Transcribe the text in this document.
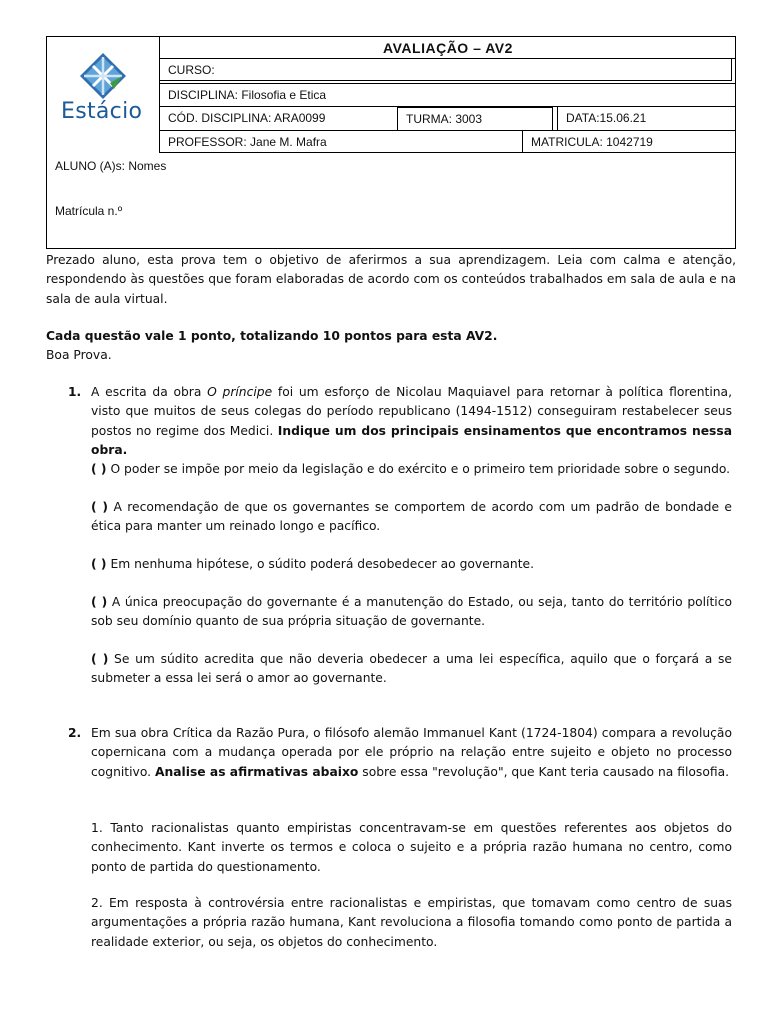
Estácio
AVALIAÇÃO – AV2
CURSO:
DISCIPLINA: Filosofia e Etica
CÓD. DISCIPLINA: ARA0099	TURMA: 3003	DATA:15.06.21
PROFESSOR: Jane M. Mafra	MATRICULA: 1042719
ALUNO (A)s: Nomes
Matrícula n.º
Prezado aluno, esta prova tem o objetivo de aferirmos a sua aprendizagem. Leia com calma e atenção, respondendo às questões que foram elaboradas de acordo com os conteúdos trabalhados em sala de aula e na sala de aula virtual.
Cada questão vale 1 ponto, totalizando 10 pontos para esta AV2.
Boa Prova.
1. A escrita da obra O príncipe foi um esforço de Nicolau Maquiavel para retornar à política florentina, visto que muitos de seus colegas do período republicano (1494-1512) conseguiram restabelecer seus postos no regime dos Medici. Indique um dos principais ensinamentos que encontramos nessa obra.
( ) O poder se impõe por meio da legislação e do exército e o primeiro tem prioridade sobre o segundo.
( ) A recomendação de que os governantes se comportem de acordo com um padrão de bondade e ética para manter um reinado longo e pacífico.
( ) Em nenhuma hipótese, o súdito poderá desobedecer ao governante.
( ) A única preocupação do governante é a manutenção do Estado, ou seja, tanto do território político sob seu domínio quanto de sua própria situação de governante.
( ) Se um súdito acredita que não deveria obedecer a uma lei específica, aquilo que o forçará a se submeter a essa lei será o amor ao governante.
2. Em sua obra Crítica da Razão Pura, o filósofo alemão Immanuel Kant (1724-1804) compara a revolução copernicana com a mudança operada por ele próprio na relação entre sujeito e objeto no processo cognitivo. Analise as afirmativas abaixo sobre essa "revolução", que Kant teria causado na filosofia.
1. Tanto racionalistas quanto empiristas concentravam-se em questões referentes aos objetos do conhecimento. Kant inverte os termos e coloca o sujeito e a própria razão humana no centro, como ponto de partida do questionamento.
2. Em resposta à controvérsia entre racionalistas e empiristas, que tomavam como centro de suas argumentações a própria razão humana, Kant revoluciona a filosofia tomando como ponto de partida a realidade exterior, ou seja, os objetos do conhecimento.
